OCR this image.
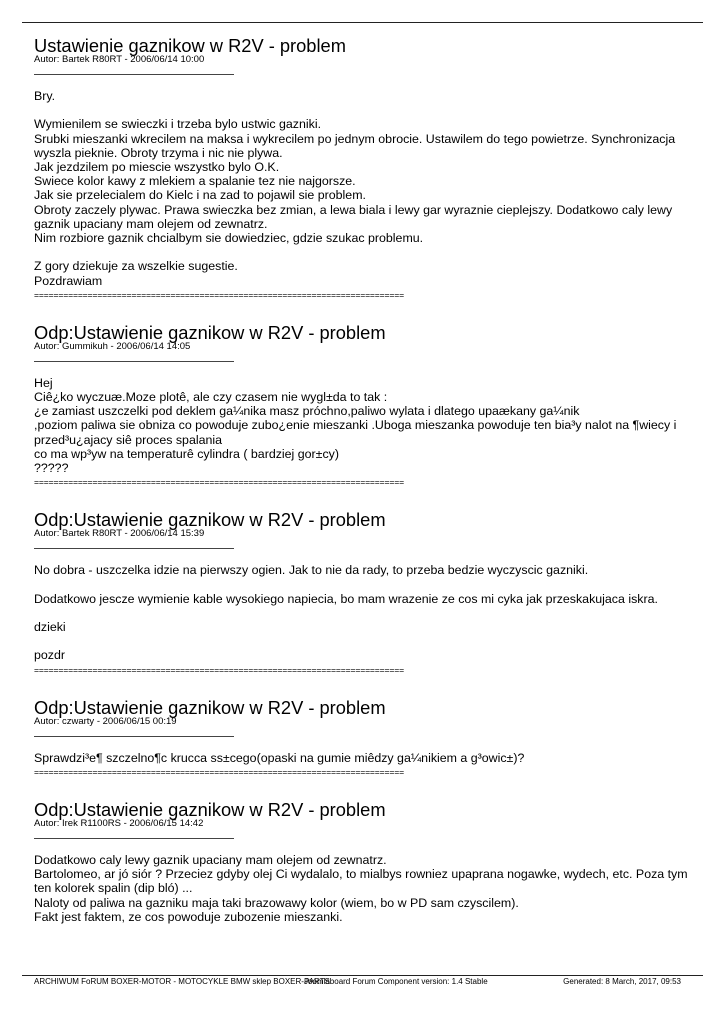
Ustawienie gaznikow w R2V - problem
Autor: Bartek R80RT - 2006/06/14 10:00
Bry.

Wymienilem se swieczki i trzeba bylo ustwic gazniki.
Srubki mieszanki wkrecilem na maksa i wykrecilem po jednym obrocie. Ustawilem do tego powietrze. Synchronizacja wyszla pieknie. Obroty trzyma i nic nie plywa.
Jak jezdzilem po miescie wszystko bylo O.K.
Swiece kolor kawy z mlekiem a spalanie tez nie najgorsze.
Jak sie przelecialem do Kielc i na zad to pojawil sie problem.
Obroty zaczely plywac. Prawa swieczka bez zmian, a lewa biala i lewy gar wyraznie cieplejszy. Dodatkowo caly lewy gaznik upaciany mam olejem od zewnatrz.
Nim rozbiore gaznik chcialbym sie dowiedziec, gdzie szukac problemu.

Z gory dziekuje za wszelkie sugestie.
Pozdrawiam
============================================================================
Odp:Ustawienie gaznikow w R2V - problem
Autor: Gummikuh - 2006/06/14 14:05
Hej
Ciê¿ko wyczuæ.Moze plotê, ale czy czasem nie wygl±da to tak :
¿e zamiast uszczelki pod deklem ga¼nika masz próchno,paliwo wylata i dlatego upaækany ga¼nik
,poziom paliwa sie obniza co powoduje zubo¿enie mieszanki .Uboga mieszanka powoduje ten bia³y nalot na ¶wiecy i przed³u¿ajacy siê proces spalania
co ma wp³yw na temperaturê cylindra ( bardziej gor±cy)
?????
============================================================================
Odp:Ustawienie gaznikow w R2V - problem
Autor: Bartek R80RT - 2006/06/14 15:39
No dobra - uszczelka idzie na pierwszy ogien. Jak to nie da rady, to przeba bedzie wyczyscic gazniki.

Dodatkowo jescze wymienie kable wysokiego napiecia, bo mam wrazenie ze cos mi cyka jak przeskakujaca iskra.

dzieki

pozdr
============================================================================
Odp:Ustawienie gaznikow w R2V - problem
Autor: czwarty - 2006/06/15 00:19
Sprawdzi³e¶ szczelno¶c krucca ss±cego(opaski na gumie miêdzy ga¼nikiem a g³owic±)?
============================================================================
Odp:Ustawienie gaznikow w R2V - problem
Autor: Irek R1100RS - 2006/06/15 14:42
Dodatkowo caly lewy gaznik upaciany mam olejem od zewnatrz.
Bartolomeo, ar jó siór ? Przeciez gdyby olej Ci wydalalo, to mialbys rowniez upaprana nogawke, wydech, etc. Poza tym ten kolorek spalin (dip bló) ...
Naloty od paliwa na gazniku maja taki brazowawy kolor (wiem, bo w PD sam czyscilem).
Fakt jest faktem, ze cos powoduje zubozenie mieszanki.
ARCHIWUM FoRUM BOXER-MOTOR - MOTOCYKLE BMW sklep BOXER-PARTS
Joomlaboard Forum Component version: 1.4 Stable	Generated: 8 March, 2017, 09:53
